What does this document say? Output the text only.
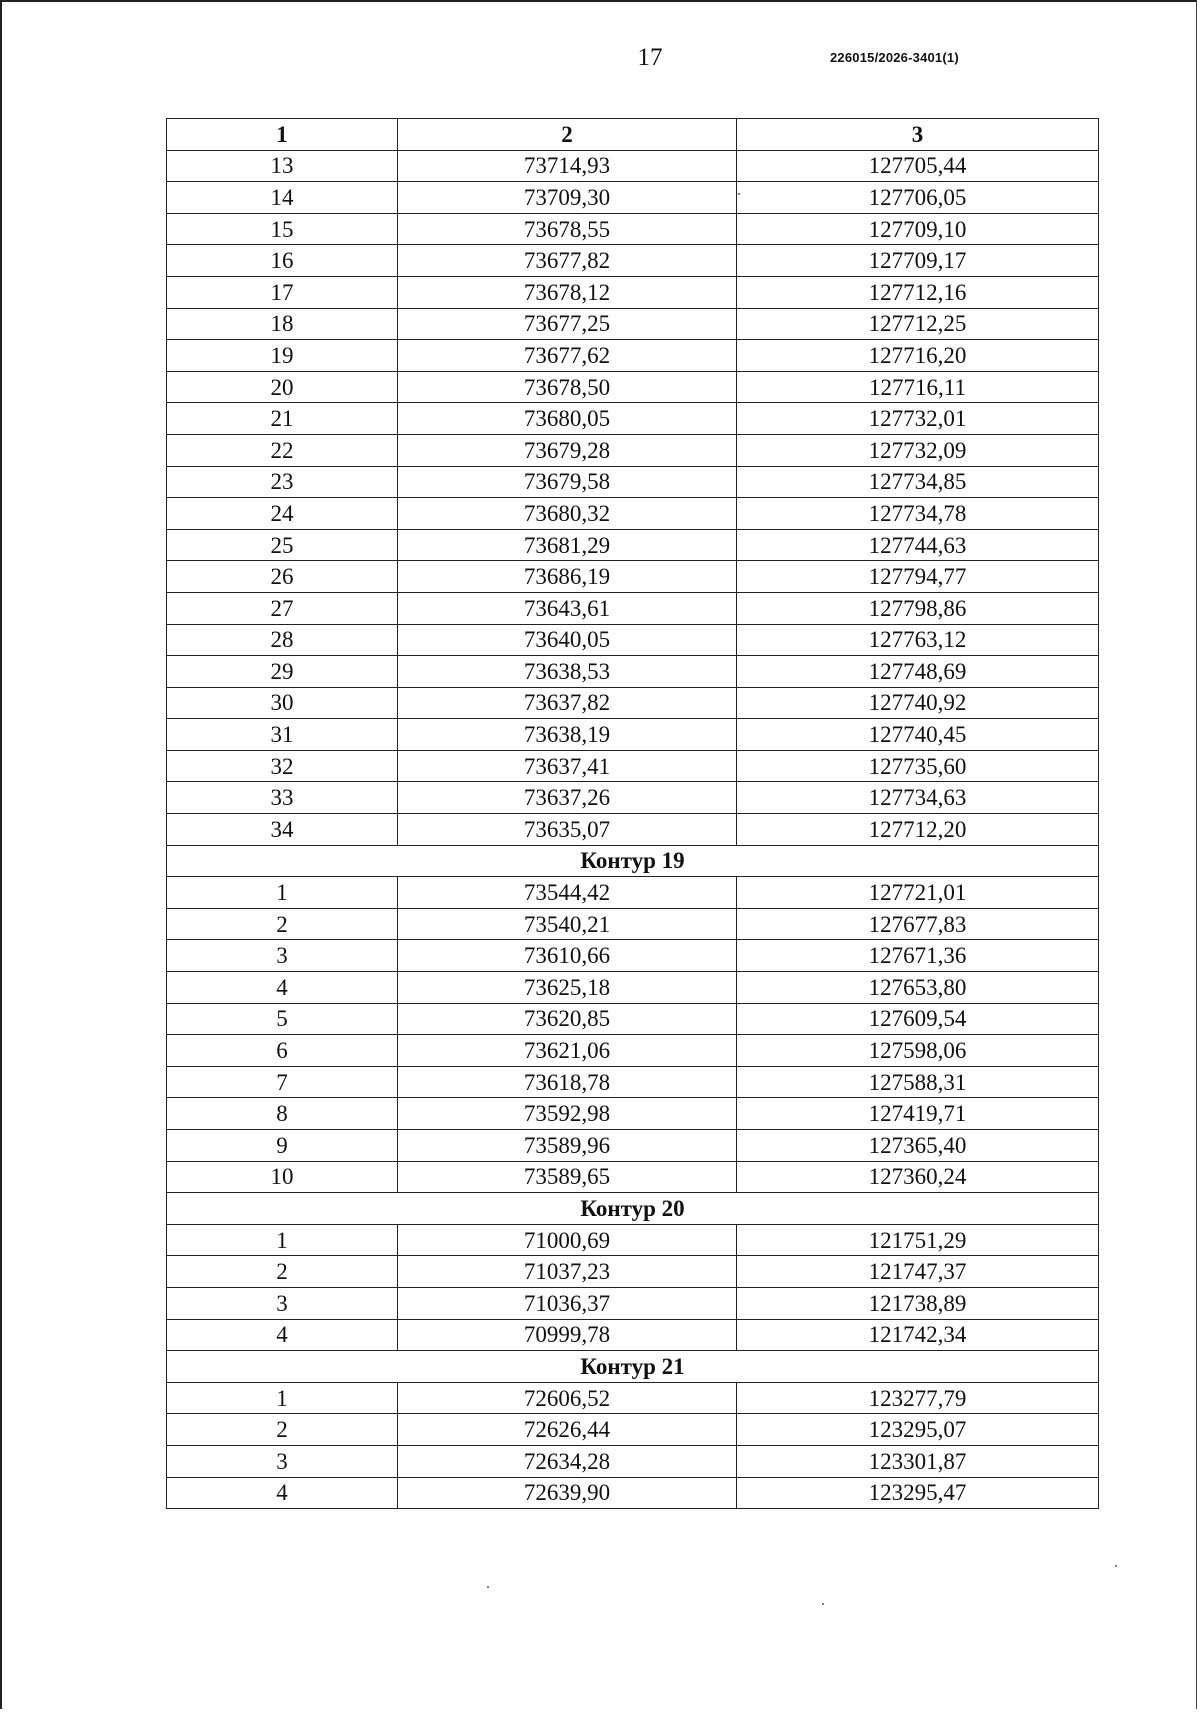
17	226015/2026-3401(1)
1	2	3
13	73714,93	127705,44
14	73709,30	127706,05
15	73678,55	127709,10
16	73677,82	127709,17
17	73678,12	127712,16
18	73677,25	127712,25
19	73677,62	127716,20
20	73678,50	127716,11
21	73680,05	127732,01
22	73679,28	127732,09
23	73679,58	127734,85
24	73680,32	127734,78
25	73681,29	127744,63
26	73686,19	127794,77
27	73643,61	127798,86
28	73640,05	127763,12
29	73638,53	127748,69
30	73637,82	127740,92
31	73638,19	127740,45
32	73637,41	127735,60
33	73637,26	127734,63
34	73635,07	127712,20
Контур 19		
1	73544,42	127721,01
2	73540,21	127677,83
3	73610,66	127671,36
4	73625,18	127653,80
5	73620,85	127609,54
6	73621,06	127598,06
7	73618,78	127588,31
8	73592,98	127419,71
9	73589,96	127365,40
10	73589,65	127360,24
Контур 20		
1	71000,69	121751,29
2	71037,23	121747,37
3	71036,37	121738,89
4	70999,78	121742,34
Контур 21		
1	72606,52	123277,79
2	72626,44	123295,07
3	72634,28	123301,87
4	72639,90	123295,47
